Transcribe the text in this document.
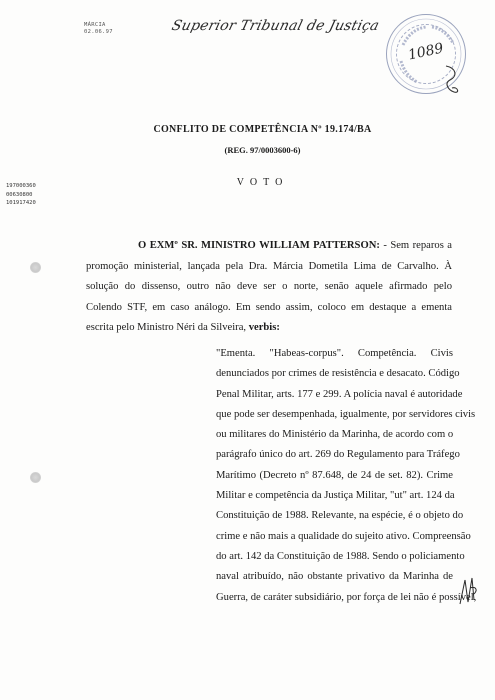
MÁRCIA
02.06.97	Superior Tribunal de Justiça
1089
CONFLITO DE COMPETÊNCIA Nº 19.174/BA
(REG. 97/0003600-6)
VOTO
197000360
00630800
101917420
O EXMº SR. MINISTRO WILLIAM PATTERSON: - Sem reparos a
promoção ministerial, lançada pela Dra. Márcia Dometila Lima de Carvalho. À
solução do dissenso, outro não deve ser o norte, senão aquele afirmado pelo
Colendo STF, em caso análogo. Em sendo assim, coloco em destaque a ementa
escrita pelo Ministro Néri da Silveira, verbis:
"Ementa. "Habeas-corpus". Competência. Civis
denunciados por crimes de resistência e desacato. Código
Penal Militar, arts. 177 e 299. A polícia naval é autoridade
que pode ser desempenhada, igualmente, por servidores civis
ou militares do Ministério da Marinha, de acordo com o
parágrafo único do art. 269 do Regulamento para Tráfego
Marítimo (Decreto nº 87.648, de 24 de set. 82). Crime
Militar e competência da Justiça Militar, "ut" art. 124 da
Constituição de 1988. Relevante, na espécie, é o objeto do
crime e não mais a qualidade do sujeito ativo. Compreensão
do art. 142 da Constituição de 1988. Sendo o policiamento
naval atribuído, não obstante privativo da Marinha de
Guerra, de caráter subsidiário, por força de lei não é possível,
